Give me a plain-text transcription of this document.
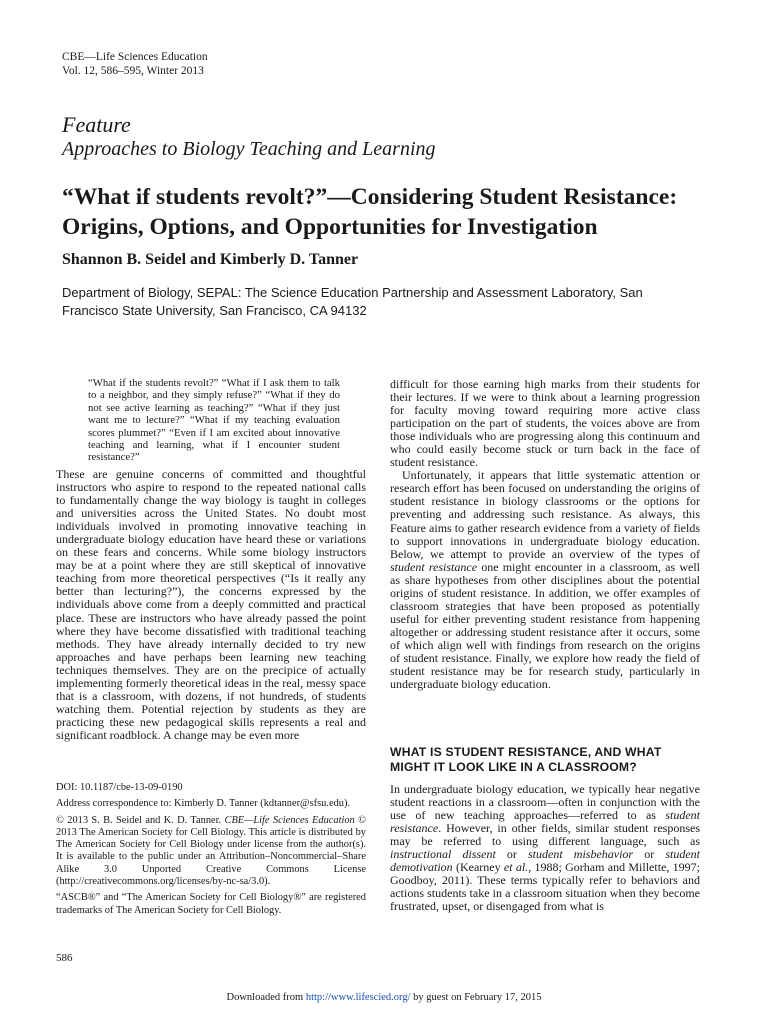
CBE—Life Sciences Education
Vol. 12, 586–595, Winter 2013
Feature
Approaches to Biology Teaching and Learning
“What if students revolt?”—Considering Student Resistance:
Origins, Options, and Opportunities for Investigation
Shannon B. Seidel and Kimberly D. Tanner
Department of Biology, SEPAL: The Science Education Partnership and Assessment Laboratory, San Francisco State University, San Francisco, CA 94132
“What if the students revolt?” “What if I ask them to talk to a neighbor, and they simply refuse?” “What if they do not see active learning as teaching?” “What if they just want me to lecture?” “What if my teaching evaluation scores plummet?” “Even if I am excited about innovative teaching and learning, what if I encounter student resistance?”

These are genuine concerns of committed and thoughtful instructors who aspire to respond to the repeated national calls to fundamentally change the way biology is taught in colleges and universities across the United States. No doubt most individuals involved in promoting innovative teaching in undergraduate biology education have heard these or variations on these fears and concerns. While some biology instructors may be at a point where they are still skeptical of innovative teaching from more theoretical perspectives (“Is it really any better than lecturing?”), the concerns expressed by the individuals above come from a deeply committed and practical place. These are instructors who have already passed the point where they have become dissatisfied with traditional teaching methods. They have already internally decided to try new approaches and have perhaps been learning new teaching techniques themselves. They are on the precipice of actually implementing formerly theoretical ideas in the real, messy space that is a classroom, with dozens, if not hundreds, of students watching them. Potential rejection by students as they are practicing these new pedagogical skills represents a real and significant roadblock. A change may be even more

difficult for those earning high marks from their students for their lectures. If we were to think about a learning progression for faculty moving toward requiring more active class participation on the part of students, the voices above are from those individuals who are progressing along this continuum and who could easily become stuck or turn back in the face of student resistance.

Unfortunately, it appears that little systematic attention or research effort has been focused on understanding the origins of student resistance in biology classrooms or the options for preventing and addressing such resistance. As always, this Feature aims to gather research evidence from a variety of fields to support innovations in undergraduate biology education. Below, we attempt to provide an overview of the types of student resistance one might encounter in a classroom, as well as share hypotheses from other disciplines about the potential origins of student resistance. In addition, we offer examples of classroom strategies that have been proposed as potentially useful for either preventing student resistance from happening altogether or addressing student resistance after it occurs, some of which align well with findings from research on the origins of student resistance. Finally, we explore how ready the field of student resistance may be for research study, particularly in undergraduate biology education.

WHAT IS STUDENT RESISTANCE, AND WHAT MIGHT IT LOOK LIKE IN A CLASSROOM?

In undergraduate biology education, we typically hear negative student reactions in a classroom—often in conjunction with the use of new teaching approaches—referred to as student resistance. However, in other fields, similar student responses may be referred to using different language, such as instructional dissent or student misbehavior or student demotivation (Kearney et al., 1988; Gorham and Millette, 1997; Goodboy, 2011). These terms typically refer to behaviors and actions students take in a classroom situation when they become frustrated, upset, or disengaged from what is

DOI: 10.1187/cbe-13-09-0190

Address correspondence to: Kimberly D. Tanner (kdtanner@sfsu.edu).

© 2013 S. B. Seidel and K. D. Tanner. CBE—Life Sciences Education © 2013 The American Society for Cell Biology. This article is distributed by The American Society for Cell Biology under license from the author(s). It is available to the public under an Attribution–Noncommercial–Share Alike 3.0 Unported Creative Commons License (http://creativecommons.org/licenses/by-nc-sa/3.0).

“ASCB®” and “The American Society for Cell Biology®” are registered trademarks of The American Society for Cell Biology.

586
Downloaded from http://www.lifescied.org/ by guest on February 17, 2015
